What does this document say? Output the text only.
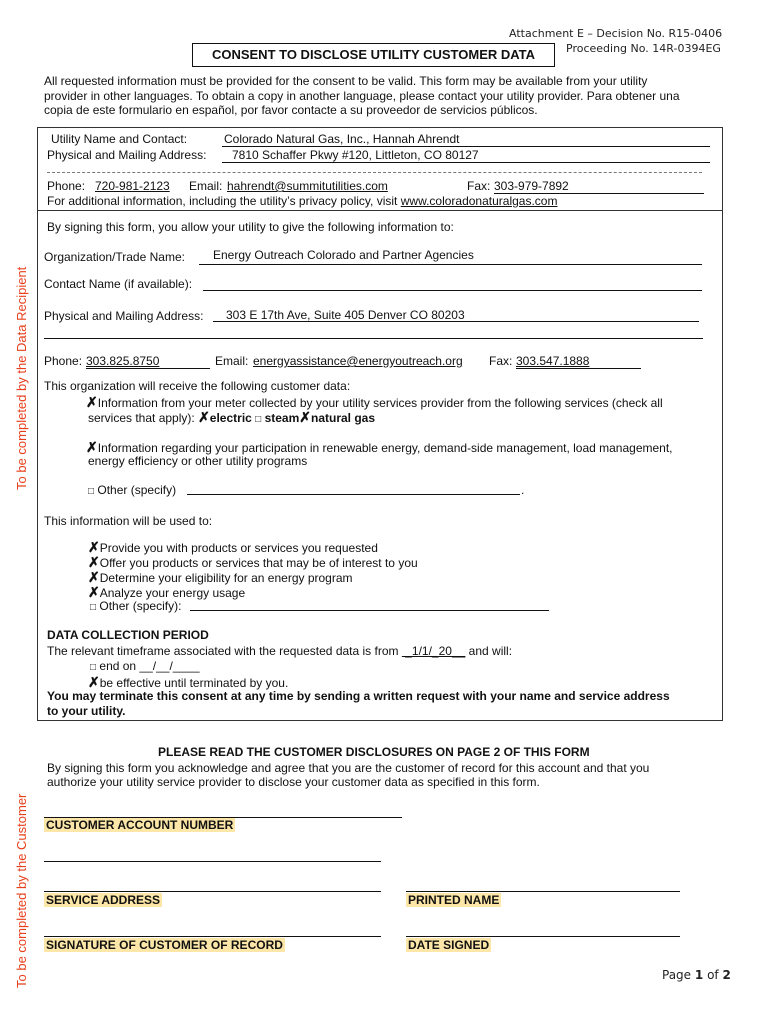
Attachment E – Decision No. R15-0406
Proceeding No. 14R-0394EG
CONSENT TO DISCLOSE UTILITY CUSTOMER DATA
All requested information must be provided for the consent to be valid. This form may be available from your utility
provider in other languages. To obtain a copy in another language, please contact your utility provider. Para obtener una
copia de este formulario en español, por favor contacte a su proveedor de servicios públicos.
Utility Name and Contact:	Colorado Natural Gas, Inc., Hannah Ahrendt
Physical and Mailing Address: 7810 Schaffer Pkwy #120, Littleton, CO 80127
Phone: 720-981-2123 Email: hahrendt@summitutilities.com	Fax: 303-979-7892
For additional information, including the utility’s privacy policy, visit www.coloradonaturalgas.com
To be completed by the Data Recipient
By signing this form, you allow your utility to give the following information to:
Organization/Trade Name: Energy Outreach Colorado and Partner Agencies
Contact Name (if available):
Physical and Mailing Address: 303 E 17th Ave, Suite 405 Denver CO 80203
Phone: 303.825.8750	Email: energyassistance@energyoutreach.org Fax: 303.547.1888
This organization will receive the following customer data:
✗Information from your meter collected by your utility services provider from the following services (check all
services that apply): ✗electric □ steam✗natural gas
✗Information regarding your participation in renewable energy, demand-side management, load management,
energy efficiency or other utility programs
□ Other (specify)	.
This information will be used to:
✗Provide you with products or services you requested
✗Offer you products or services that may be of interest to you
✗Determine your eligibility for an energy program
✗Analyze your energy usage
□ Other (specify):
DATA COLLECTION PERIOD
The relevant timeframe associated with the requested data is from  _1/1/_20__ and will:
□ end on __/__/____
✗be effective until terminated by you.
You may terminate this consent at any time by sending a written request with your name and service address
to your utility.
To be completed by the Customer
PLEASE READ THE CUSTOMER DISCLOSURES ON PAGE 2 OF THIS FORM
By signing this form you acknowledge and agree that you are the customer of record for this account and that you
authorize your utility service provider to disclose your customer data as specified in this form.
CUSTOMER ACCOUNT NUMBER
SERVICE ADDRESS	PRINTED NAME
SIGNATURE OF CUSTOMER OF RECORD	DATE SIGNED
Page 1 of 2
